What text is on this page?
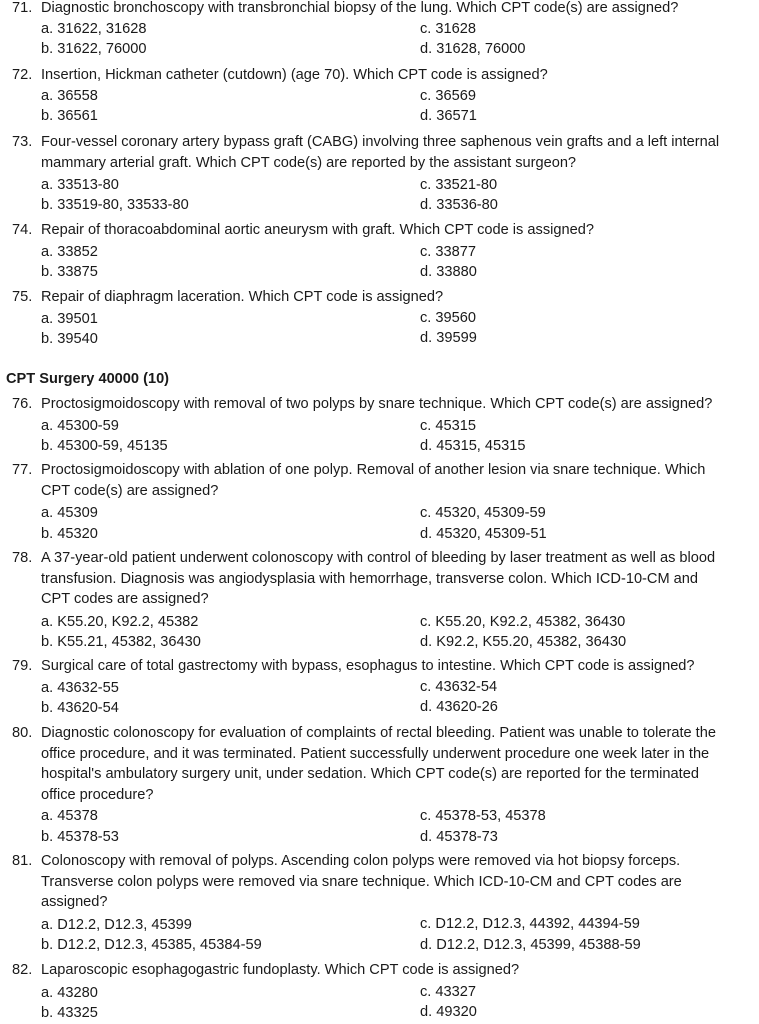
71. Diagnostic bronchoscopy with transbronchial biopsy of the lung. Which CPT code(s) are assigned?
a. 31622, 31628	c. 31628
b. 31622, 76000	d. 31628, 76000
72. Insertion, Hickman catheter (cutdown) (age 70). Which CPT code is assigned?
a. 36558	c. 36569
b. 36561	d. 36571
73. Four-vessel coronary artery bypass graft (CABG) involving three saphenous vein grafts and a left internal
mammary arterial graft. Which CPT code(s) are reported by the assistant surgeon?
a. 33513-80	c. 33521-80
b. 33519-80, 33533-80	d. 33536-80
74. Repair of thoracoabdominal aortic aneurysm with graft. Which CPT code is assigned?
a. 33852	c. 33877
b. 33875	d. 33880
75. Repair of diaphragm laceration. Which CPT code is assigned?
a. 39501	c. 39560
b. 39540	d. 39599
CPT Surgery 40000 (10)
76. Proctosigmoidoscopy with removal of two polyps by snare technique. Which CPT code(s) are assigned?
a. 45300-59	c. 45315
b. 45300-59, 45135	d. 45315, 45315
77. Proctosigmoidoscopy with ablation of one polyp. Removal of another lesion via snare technique. Which
CPT code(s) are assigned?
a. 45309	c. 45320, 45309-59
b. 45320	d. 45320, 45309-51
78. A 37-year-old patient underwent colonoscopy with control of bleeding by laser treatment as well as blood
transfusion. Diagnosis was angiodysplasia with hemorrhage, transverse colon. Which ICD-10-CM and
CPT codes are assigned?
a. K55.20, K92.2, 45382	c. K55.20, K92.2, 45382, 36430
b. K55.21, 45382, 36430	d. K92.2, K55.20, 45382, 36430
79. Surgical care of total gastrectomy with bypass, esophagus to intestine. Which CPT code is assigned?
a. 43632-55	c. 43632-54
b. 43620-54	d. 43620-26
80. Diagnostic colonoscopy for evaluation of complaints of rectal bleeding. Patient was unable to tolerate the
office procedure, and it was terminated. Patient successfully underwent procedure one week later in the
hospital's ambulatory surgery unit, under sedation. Which CPT code(s) are reported for the terminated
office procedure?
a. 45378	c. 45378-53, 45378
b. 45378-53	d. 45378-73
81. Colonoscopy with removal of polyps. Ascending colon polyps were removed via hot biopsy forceps.
Transverse colon polyps were removed via snare technique. Which ICD-10-CM and CPT codes are
assigned?
a. D12.2, D12.3, 45399	c. D12.2, D12.3, 44392, 44394-59
b. D12.2, D12.3, 45385, 45384-59	d. D12.2, D12.3, 45399, 45388-59
82. Laparoscopic esophagogastric fundoplasty. Which CPT code is assigned?
a. 43280	c. 43327
b. 43325	d. 49320
